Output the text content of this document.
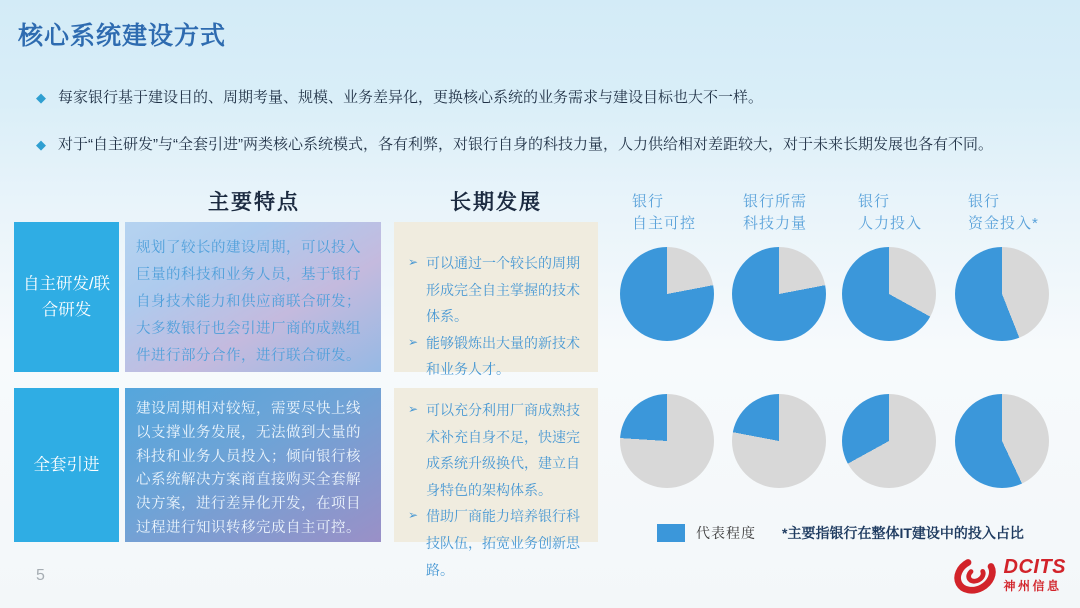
核心系统建设方式
◆ 每家银行基于建设目的、周期考量、规模、业务差异化，更换核心系统的业务需求与建设目标也大不一样。
◆ 对于“自主研发”与“全套引进”两类核心系统模式，各有利弊，对银行自身的科技力量，人力供给相对差距较大，对于未来长期发展也各有不同。
主要特点	长期发展
自主研发/联合研发
规划了较长的建设周期，可以投入巨量的科技和业务人员，基于银行自身技术能力和供应商联合研发；大多数银行也会引进厂商的成熟组件进行部分合作，进行联合研发。
➢ 可以通过一个较长的周期形成完全自主掌握的技术体系。
➢ 能够锻炼出大量的新技术和业务人才。
全套引进
建设周期相对较短，需要尽快上线以支撑业务发展，无法做到大量的科技和业务人员投入；倾向银行核心系统解决方案商直接购买全套解决方案，进行差异化开发，在项目过程进行知识转移完成自主可控。
➢ 可以充分利用厂商成熟技术补充自身不足，快速完成系统升级换代，建立自身特色的架构体系。
➢ 借助厂商能力培养银行科技队伍，拓宽业务创新思路。
银行
自主可控
银行所需
科技力量
银行
人力投入
银行
资金投入*
代表程度 *主要指银行在整体IT建设中的投入占比
5	DCITS
神州信息
